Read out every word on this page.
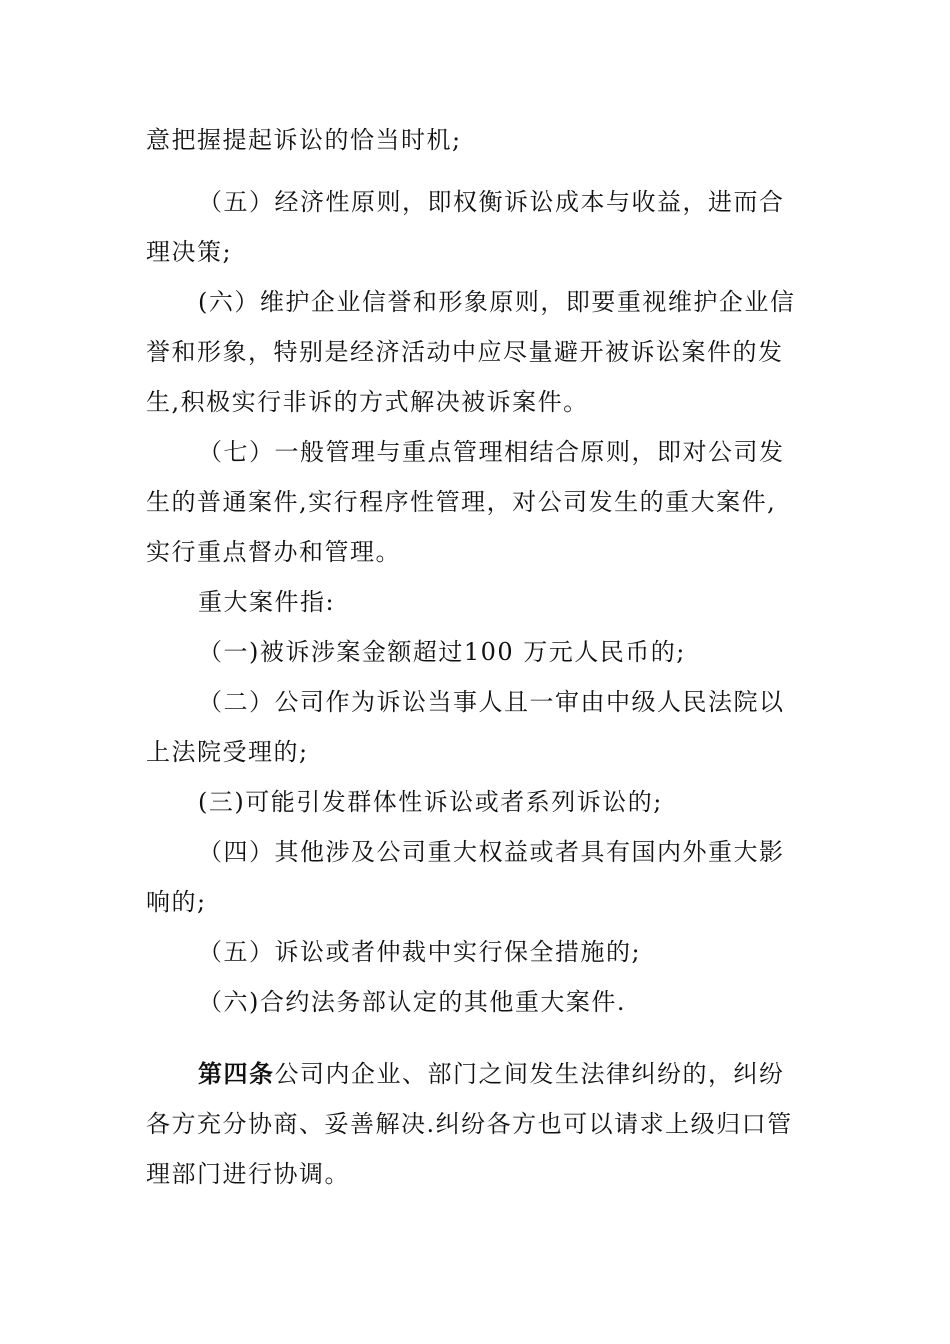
意把握提起诉讼的恰当时机;
（五）经济性原则，即权衡诉讼成本与收益，进而合
理决策;
(六）维护企业信誉和形象原则，即要重视维护企业信
誉和形象，特别是经济活动中应尽量避开被诉讼案件的发
生,积极实行非诉的方式解决被诉案件。
（七）一般管理与重点管理相结合原则，即对公司发
生的普通案件,实行程序性管理，对公司发生的重大案件,
实行重点督办和管理。
重大案件指:
（一)被诉涉案金额超过100 万元人民币的;
（二）公司作为诉讼当事人且一审由中级人民法院以
上法院受理的;
(三)可能引发群体性诉讼或者系列诉讼的;
（四）其他涉及公司重大权益或者具有国内外重大影
响的;
（五）诉讼或者仲裁中实行保全措施的;
（六)合约法务部认定的其他重大案件.
第四条公司内企业、部门之间发生法律纠纷的，纠纷
各方充分协商、妥善解决.纠纷各方也可以请求上级归口管
理部门进行协调。
